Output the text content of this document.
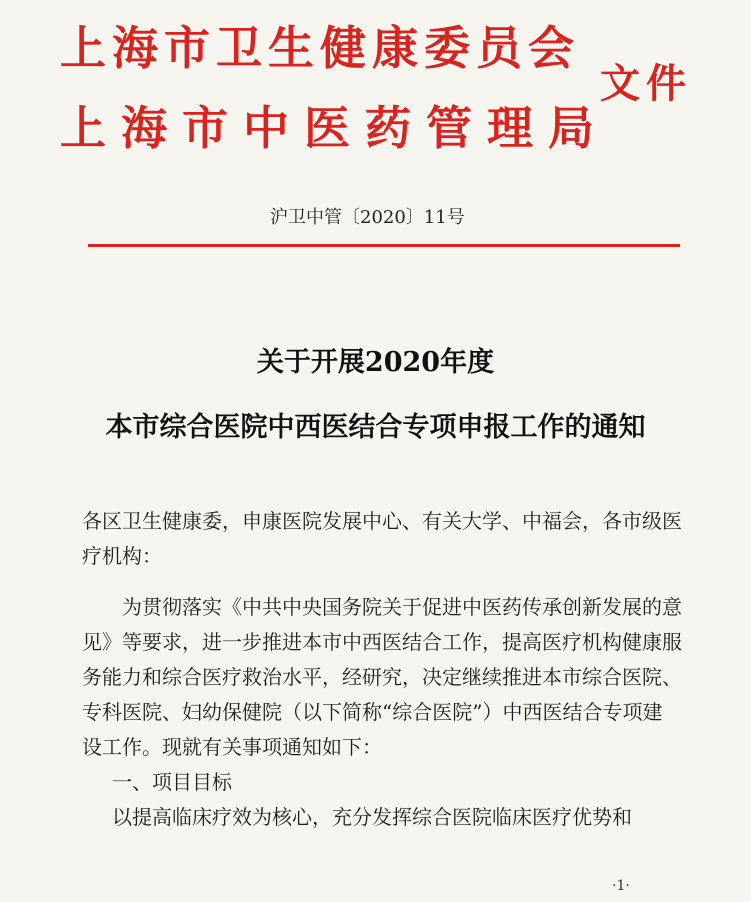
上海市卫生健康委员会
文件
上海市中医药管理局
沪卫中管〔2020〕11号
关于开展2020年度
本市综合医院中西医结合专项申报工作的通知
各区卫生健康委，申康医院发展中心、有关大学、中福会，各市级医疗机构：
为贯彻落实《中共中央国务院关于促进中医药传承创新发展的意见》等要求，进一步推进本市中西医结合工作，提高医疗机构健康服务能力和综合医疗救治水平，经研究，决定继续推进本市综合医院、专科医院、妇幼保健院（以下简称“综合医院”）中西医结合专项建设工作。现就有关事项通知如下：
一、项目目标
以提高临床疗效为核心，充分发挥综合医院临床医疗优势和
·1·
